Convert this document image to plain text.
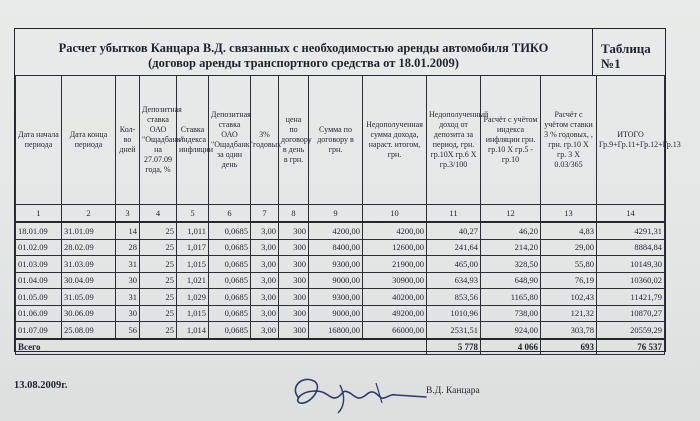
Расчет убытков Канцара В.Д. связанных с необходимостью аренды автомобиля ТИКО
(договор аренды транспортного средства от 18.01.2009)
Таблица
№1
Дата начала периода	Дата конца периода	Кол-во дней	Депозитная ставка ОАО "Ощадбанк" на 27.07.09 года, %	Ставка индекса инфляции	Депозитная ставка ОАО "Ощадбанк" за один день	3% годовых	цена по договору в день в грн.	Сумма по договору в грн.	Недополученная сумма дохода, нараст. итогом, грн.	Недополученный доход от депозита за период, грн. гр.10Х гр.6 Х гр.3/100	Расчёт с учётом индекса инфляции грн. гр.10 Х гр.5 - гр.10	Расчёт с учётом ставки 3 % годовых, , грн. гр.10 Х гр. 3 Х 0.03/365	ИТОГО Гр.9+Гр.11+Гр.12+Гр.13
1	2	3	4	5	6	7	8	9	10	11	12	13	14
18.01.09	31.01.09	14	25	1,011	0,0685	3,00	300	4200,00	4200,00	40,27	46,20	4,83	4291,31
01.02.09	28.02.09	28	25	1,017	0,0685	3,00	300	8400,00	12600,00	241,64	214,20	29,00	8884,84
01.03.09	31.03.09	31	25	1,015	0,0685	3,00	300	9300,00	21900,00	465,00	328,50	55,80	10149,30
01.04.09	30.04.09	30	25	1,021	0,0685	3,00	300	9000,00	30900,00	634,93	648,90	76,19	10360,02
01.05.09	31.05.09	31	25	1,029	0,0685	3,00	300	9300,00	40200,00	853,56	1165,80	102,43	11421,79
01.06.09	30.06.09	30	25	1,015	0,0685	3,00	300	9000,00	49200,00	1010,96	738,00	121,32	10870,27
01.07.09	25.08.09	56	25	1,014	0,0685	3,00	300	16800,00	66000,00	2531,51	924,00	303,78	20559,29
Всего										5 778	4 066	693	76 537
13.08.2009г.	В.Д. Канцара
